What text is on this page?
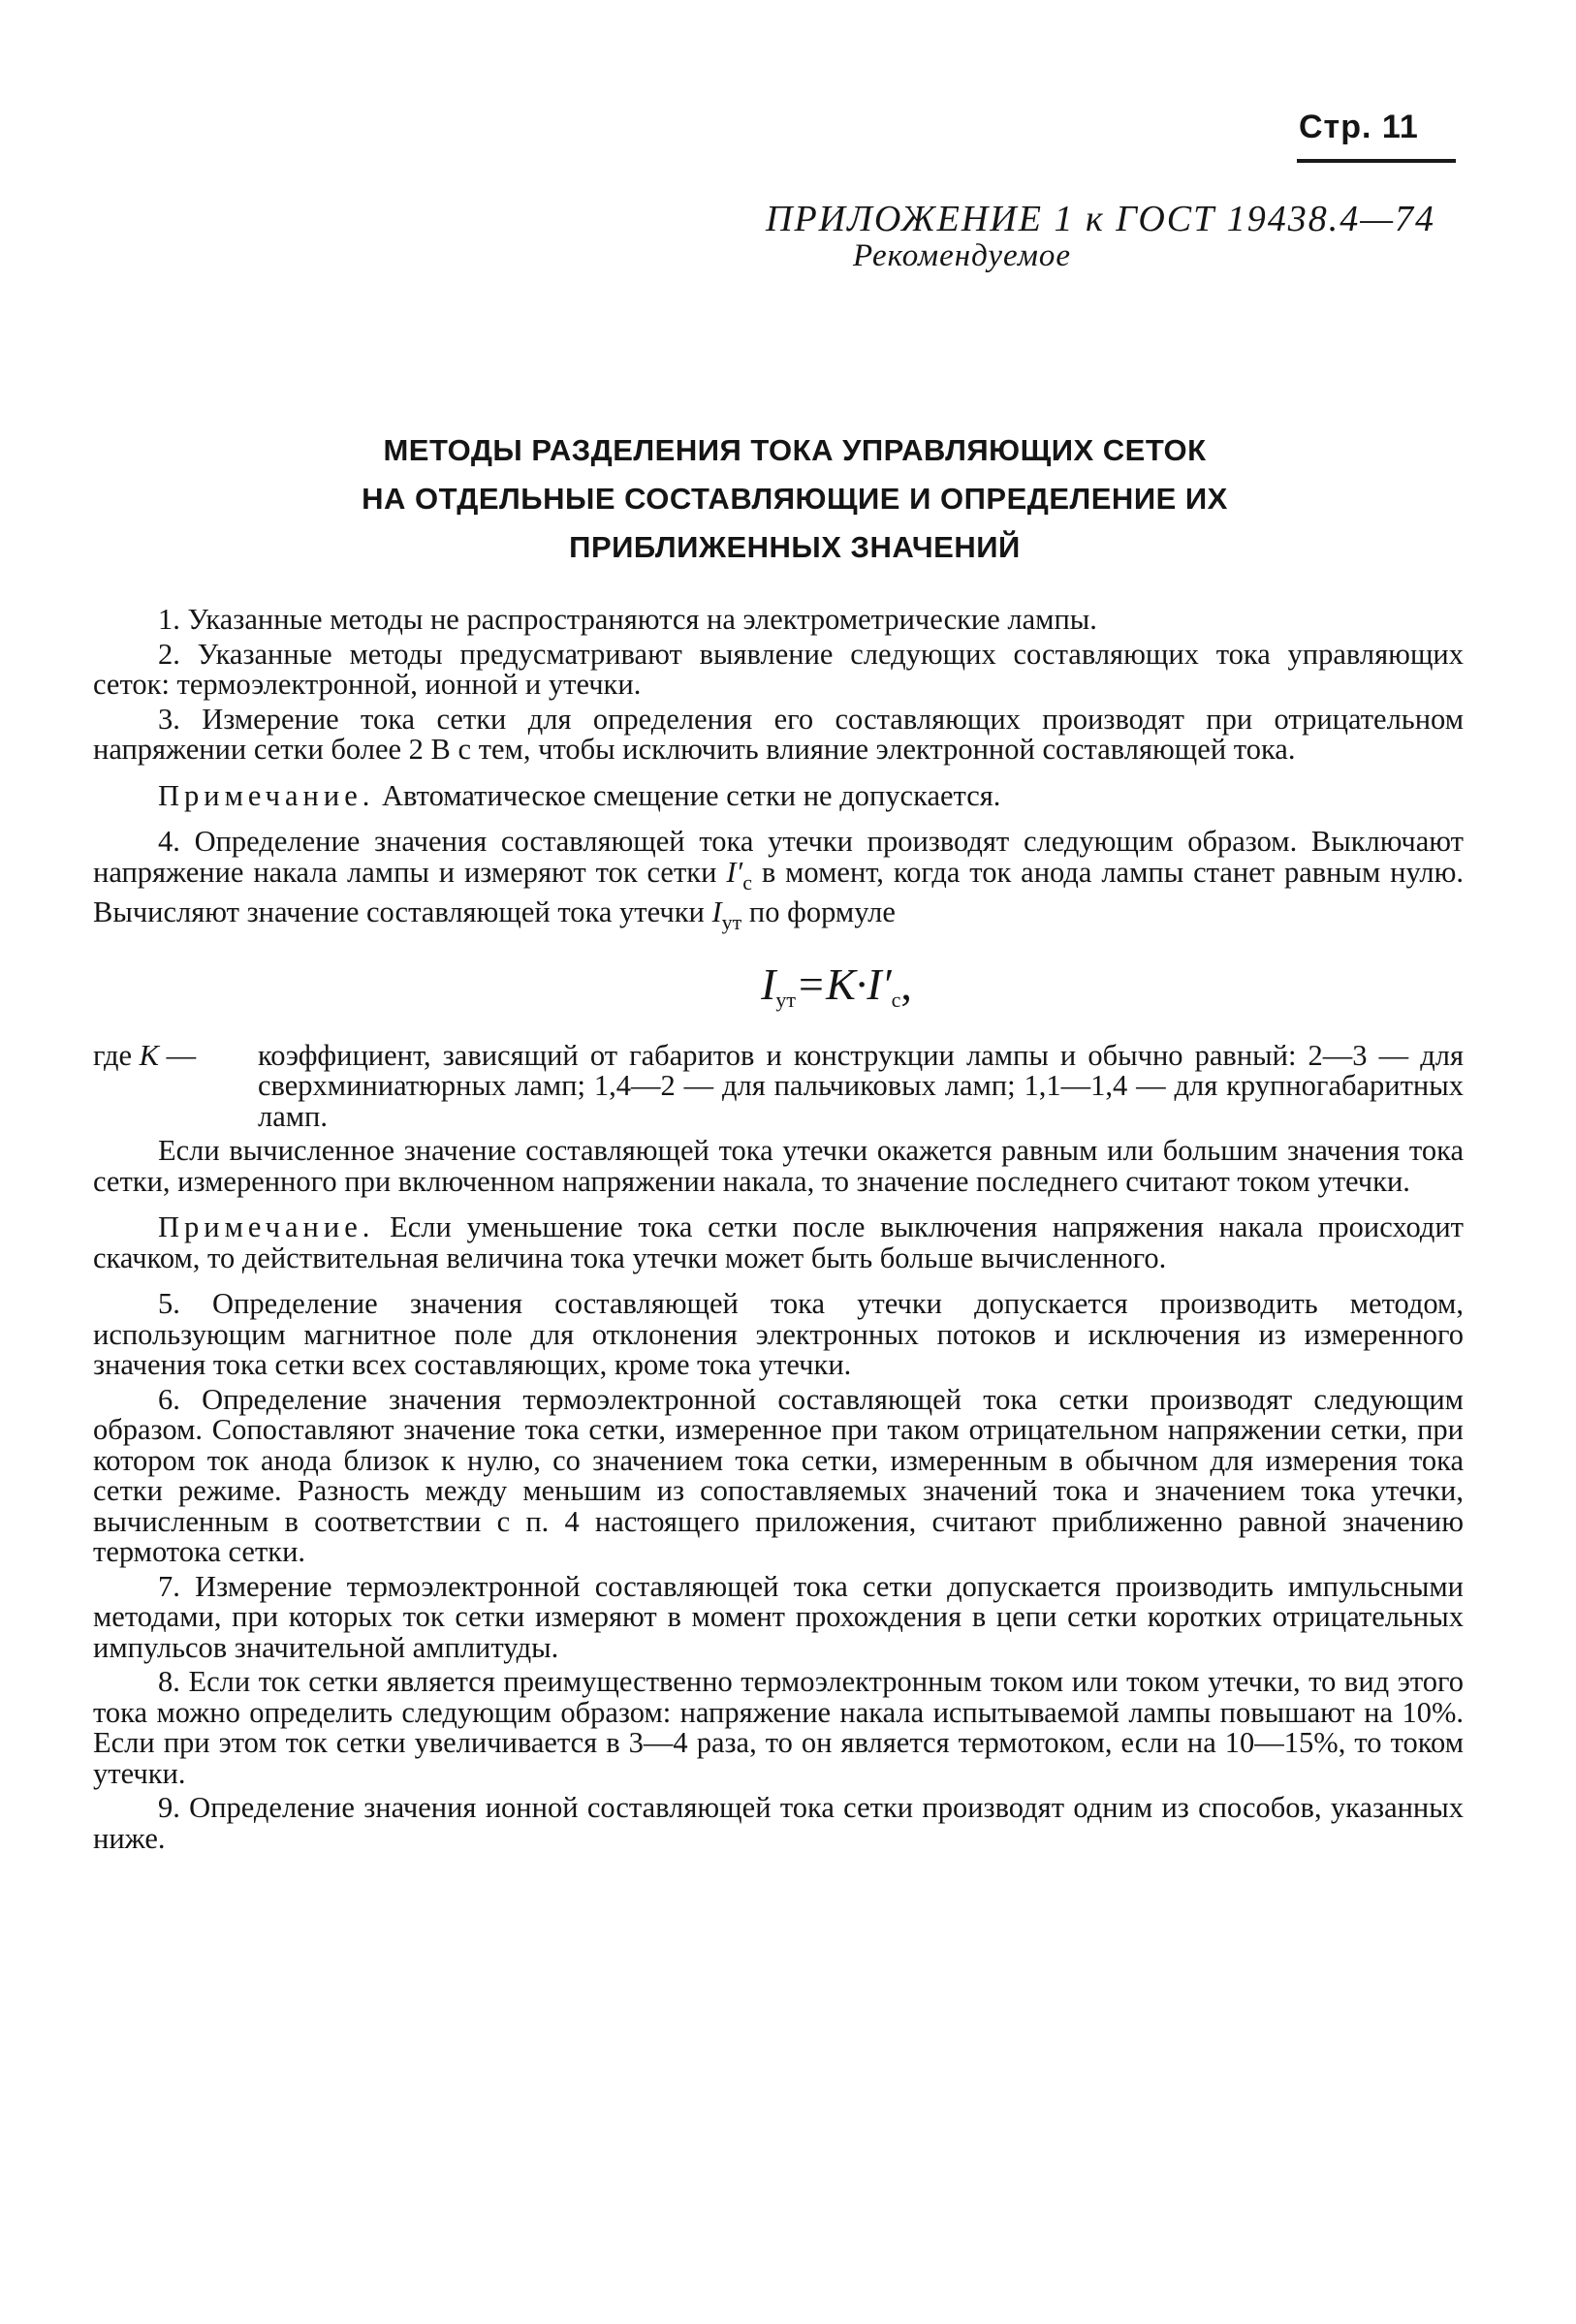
Стр. 11
ПРИЛОЖЕНИЕ 1 к ГОСТ 19438.4—74
Рекомендуемое
МЕТОДЫ РАЗДЕЛЕНИЯ ТОКА УПРАВЛЯЮЩИХ СЕТОК
НА ОТДЕЛЬНЫЕ СОСТАВЛЯЮЩИЕ И ОПРЕДЕЛЕНИЕ ИХ
ПРИБЛИЖЕННЫХ ЗНАЧЕНИЙ

1. Указанные методы не распространяются на электрометрические лампы.

2. Указанные методы предусматривают выявление следующих составляющих тока управляющих сеток: термоэлектронной, ионной и утечки.

3. Измерение тока сетки для определения его составляющих производят при отрицательном напряжении сетки более 2 В с тем, чтобы исключить влияние электронной составляющей тока.

Примечание. Автоматическое смещение сетки не допускается.

4. Определение значения составляющей тока утечки производят следующим образом. Выключают напряжение накала лампы и измеряют ток сетки $I'_с$ в момент, когда ток анода лампы станет равным нулю. Вычисляют значение составляющей тока утечки $I_{ут}$ по формуле

$I_{ут}=K\cdot I'_с$,
где K —	коэффициент, зависящий от габаритов и конструкции лампы и обычно равный: 2—3 — для сверхминиатюрных ламп; 1,4—2 — для пальчиковых ламп; 1,1—1,4 — для крупногабаритных ламп.

Если вычисленное значение составляющей тока утечки окажется равным или большим значения тока сетки, измеренного при включенном напряжении накала, то значение последнего считают током утечки.

Примечание. Если уменьшение тока сетки после выключения напряжения накала происходит скачком, то действительная величина тока утечки может быть больше вычисленного.

5. Определение значения составляющей тока утечки допускается производить методом, использующим магнитное поле для отклонения электронных потоков и исключения из измеренного значения тока сетки всех составляющих, кроме тока утечки.

6. Определение значения термоэлектронной составляющей тока сетки производят следующим образом. Сопоставляют значение тока сетки, измеренное при таком отрицательном напряжении сетки, при котором ток анода близок к нулю, со значением тока сетки, измеренным в обычном для измерения тока сетки режиме. Разность между меньшим из сопоставляемых значений тока и значением тока утечки, вычисленным в соответствии с п. 4 настоящего приложения, считают приближенно равной значению термотока сетки.

7. Измерение термоэлектронной составляющей тока сетки допускается производить импульсными методами, при которых ток сетки измеряют в момент прохождения в цепи сетки коротких отрицательных импульсов значительной амплитуды.

8. Если ток сетки является преимущественно термоэлектронным током или током утечки, то вид этого тока можно определить следующим образом: напряжение накала испытываемой лампы повышают на 10%. Если при этом ток сетки увеличивается в 3—4 раза, то он является термотоком, если на 10—15%, то током утечки.

9. Определение значения ионной составляющей тока сетки производят одним из способов, указанных ниже.
